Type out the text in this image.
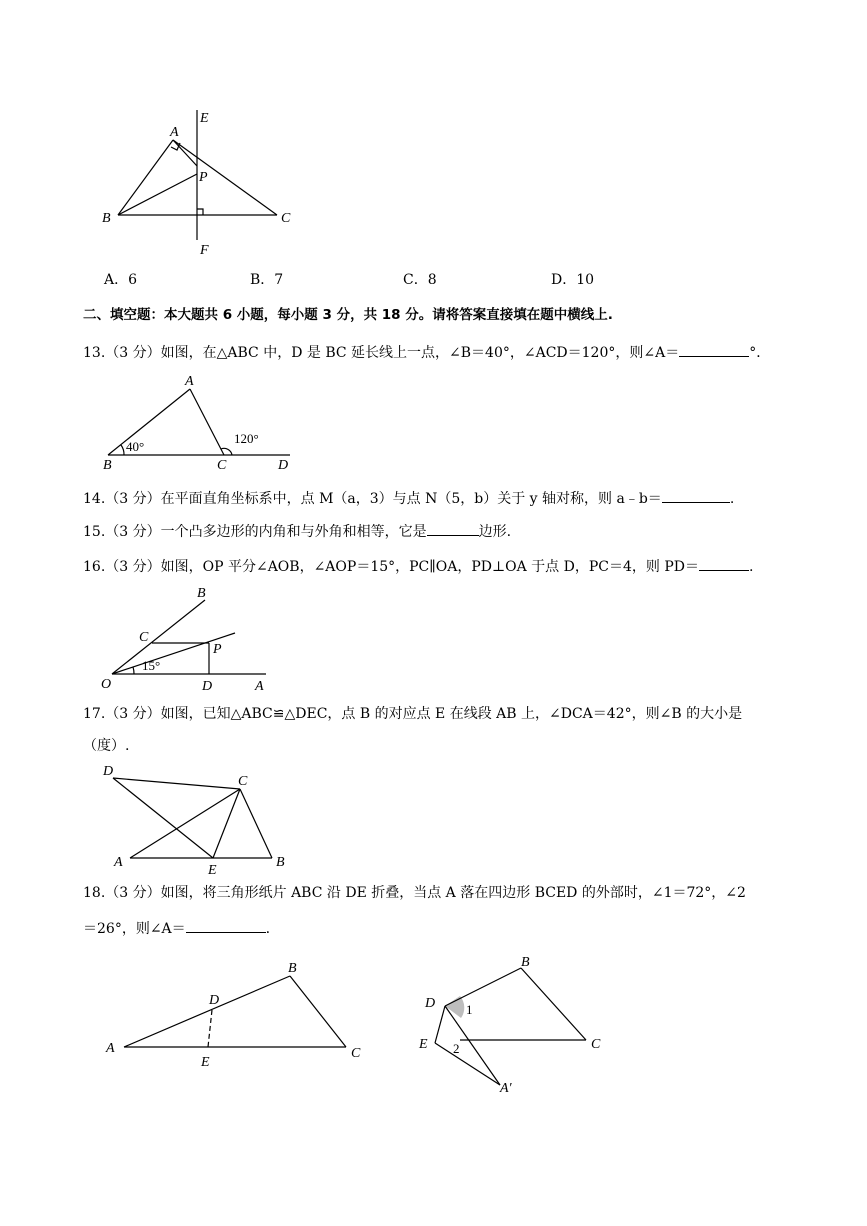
A
E
P
B	C
F
A．6	B．7	C．8	D．10
二、填空题：本大题共 6 小题，每小题 3 分，共 18 分。请将答案直接填在题中横线上.
13.（3 分）如图，在△ABC 中，D 是 BC 延长线上一点，∠B＝40°，∠ACD＝120°，则∠A＝	°．
A
B	C	D
40°
120°
14.（3 分）在平面直角坐标系中，点 M（a，3）与点 N（5，b）关于 y 轴对称，则 a﹣b＝	.
15.（3 分）一个凸多边形的内角和与外角和相等，它是	边形.
16.（3 分）如图，OP 平分∠AOB，∠AOP＝15°，PC∥OA，PD⊥OA 于点 D，PC＝4，则 PD＝	.
B
C
P
O	D	A
15°
17.（3 分）如图，已知△ABC≌△DEC，点 B 的对应点 E 在线段 AB 上，∠DCA＝42°，则∠B 的大小是
（度）.
D
C
A
E
B
18.（3 分）如图，将三角形纸片 ABC 沿 DE 折叠，当点 A 落在四边形 BCED 的外部时，∠1＝72°，∠2
＝26°，则∠A＝	.
A
B
C
D
E
D
B
C
E
A′
1
2
